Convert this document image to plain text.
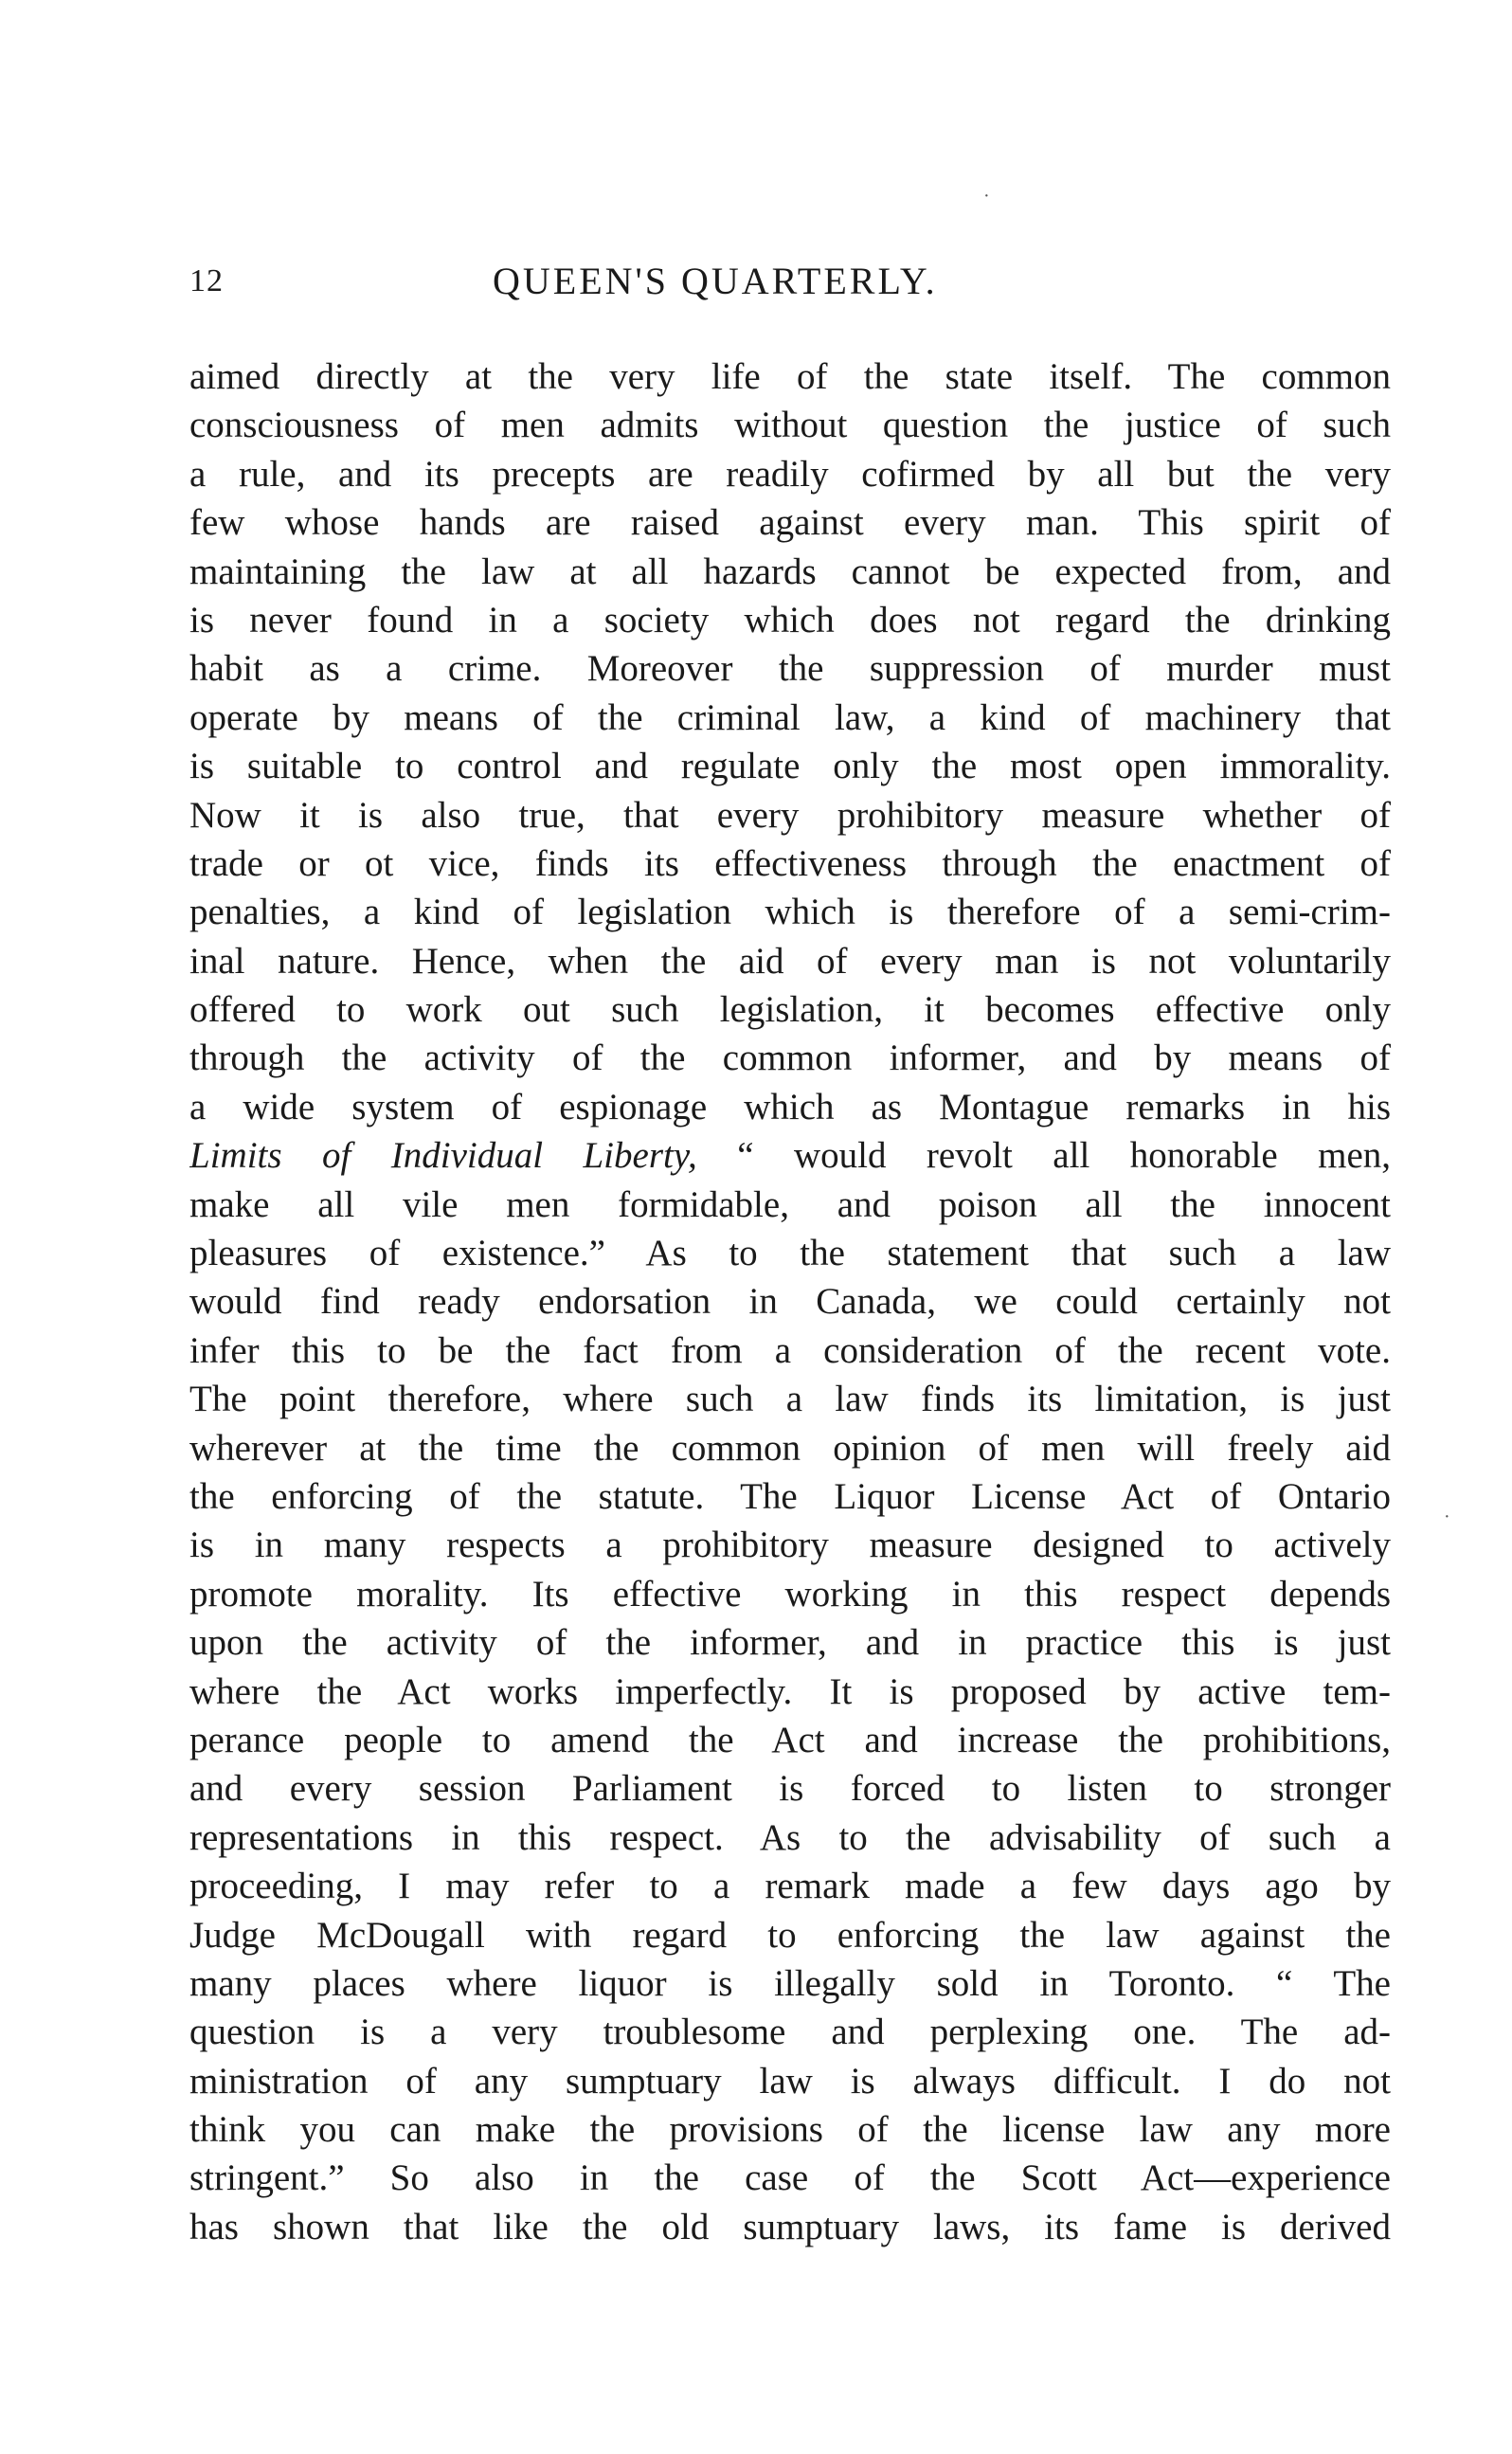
12	QUEEN'S QUARTERLY.
aimed directly at the very life of the state itself. The common
consciousness of men admits without question the justice of such
a rule, and its precepts are readily cofirmed by all but the very
few whose hands are raised against every man. This spirit of
maintaining the law at all hazards cannot be expected from, and
is never found in a society which does not regard the drinking
habit as a crime. Moreover the suppression of murder must
operate by means of the criminal law, a kind of machinery that
is suitable to control and regulate only the most open immorality.
Now it is also true, that every prohibitory measure whether of
trade or ot vice, finds its effectiveness through the enactment of
penalties, a kind of legislation which is therefore of a semi-crim-
inal nature. Hence, when the aid of every man is not voluntarily
offered to work out such legislation, it becomes effective only
through the activity of the common informer, and by means of
a wide system of espionage which as Montague remarks in his
Limits of Individual Liberty, “ would revolt all honorable men,
make all vile men formidable, and poison all the innocent
pleasures of existence.” As to the statement that such a law
would find ready endorsation in Canada, we could certainly not
infer this to be the fact from a consideration of the recent vote.
The point therefore, where such a law finds its limitation, is just
wherever at the time the common opinion of men will freely aid
the enforcing of the statute. The Liquor License Act of Ontario
is in many respects a prohibitory measure designed to actively
promote morality. Its effective working in this respect depends
upon the activity of the informer, and in practice this is just
where the Act works imperfectly. It is proposed by active tem-
perance people to amend the Act and increase the prohibitions,
and every session Parliament is forced to listen to stronger
representations in this respect. As to the advisability of such a
proceeding, I may refer to a remark made a few days ago by
Judge McDougall with regard to enforcing the law against the
many places where liquor is illegally sold in Toronto. “ The
question is a very troublesome and perplexing one. The ad-
ministration of any sumptuary law is always difficult. I do not
think you can make the provisions of the license law any more
stringent.” So also in the case of the Scott Act—experience
has shown that like the old sumptuary laws, its fame is derived
·
·
